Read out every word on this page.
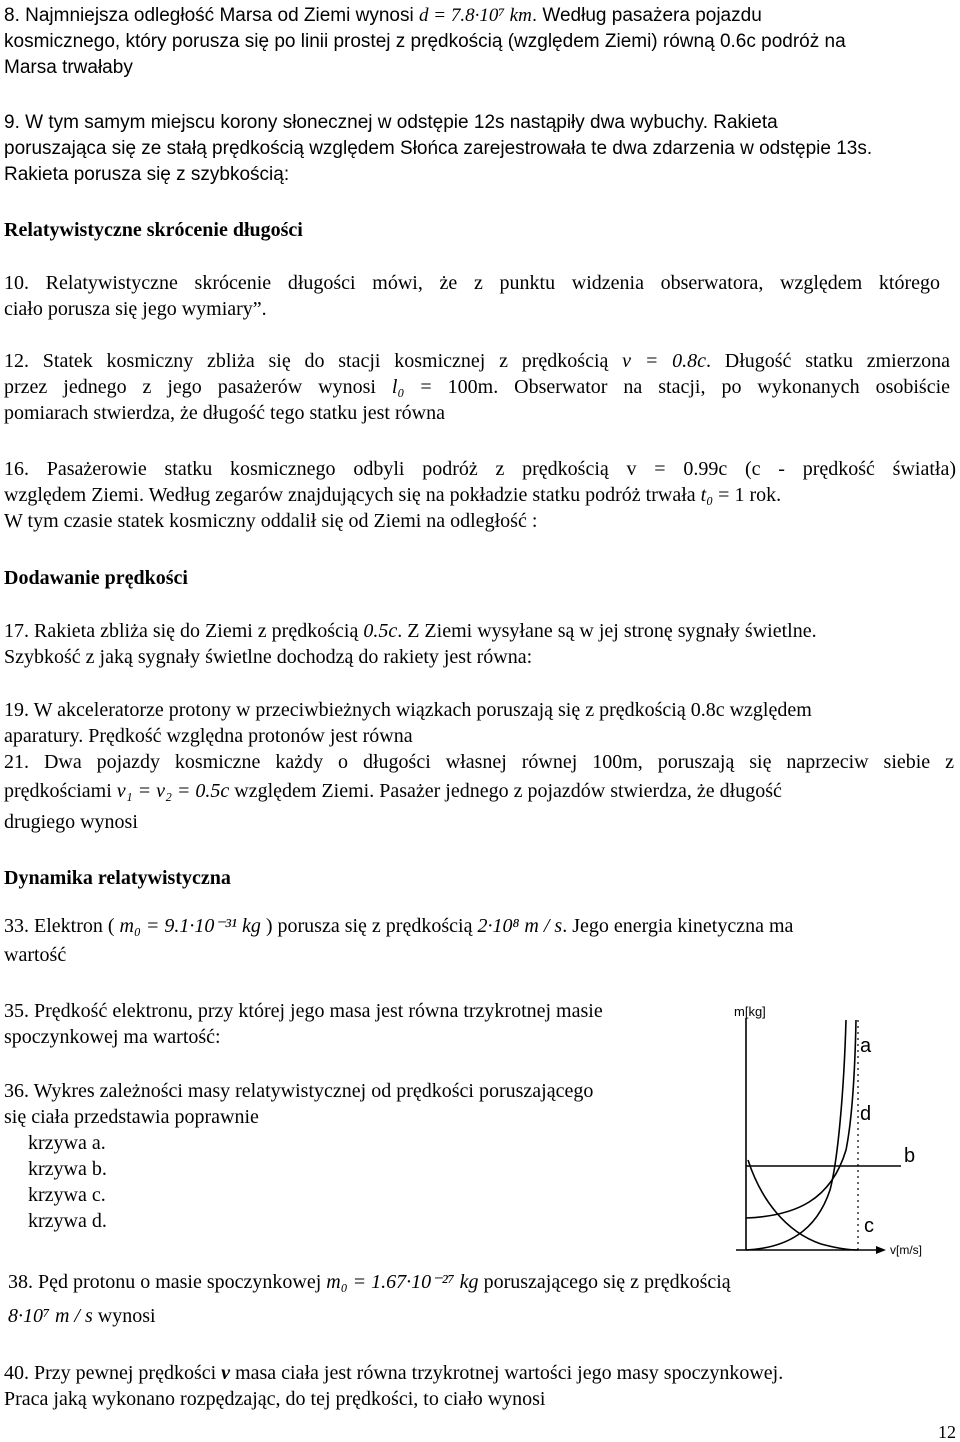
8. Najmniejsza odległość Marsa od Ziemi wynosi d = 7.8·10⁷ km. Według pasażera pojazdu
kosmicznego, który porusza się po linii prostej z prędkością (względem Ziemi) równą 0.6c podróż na
Marsa trwałaby
9. W tym samym miejscu korony słonecznej w odstępie 12s nastąpiły dwa wybuchy. Rakieta
poruszająca się ze stałą prędkością względem Słońca zarejestrowała te dwa zdarzenia w odstępie 13s.
Rakieta porusza się z szybkością:
Relatywistyczne skrócenie długości
10. Relatywistyczne skrócenie długości mówi, że z punktu widzenia obserwatora, względem którego
ciało porusza się jego wymiary”.
12. Statek kosmiczny zbliża się do stacji kosmicznej z prędkością v = 0.8c. Długość statku zmierzona
przez jednego z jego pasażerów wynosi l₀ = 100m. Obserwator na stacji, po wykonanych osobiście
pomiarach stwierdza, że długość tego statku jest równa
16. Pasażerowie statku kosmicznego odbyli podróż z prędkością v = 0.99c (c - prędkość światła)
względem Ziemi. Według zegarów znajdujących się na pokładzie statku podróż trwała t₀ = 1 rok.
W tym czasie statek kosmiczny oddalił się od Ziemi na odległość :
Dodawanie prędkości
17. Rakieta zbliża się do Ziemi z prędkością 0.5c. Z Ziemi wysyłane są w jej stronę sygnały świetlne.
Szybkość z jaką sygnały świetlne dochodzą do rakiety jest równa:
19. W akceleratorze protony w przeciwbieżnych wiązkach poruszają się z prędkością 0.8c względem
aparatury. Prędkość względna protonów jest równa
21. Dwa pojazdy kosmiczne każdy o długości własnej równej 100m, poruszają się naprzeciw siebie z
prędkościami v₁ = v₂ = 0.5c względem Ziemi. Pasażer jednego z pojazdów stwierdza, że długość
drugiego wynosi
Dynamika relatywistyczna
33. Elektron ( m₀ = 9.1·10⁻³¹ kg ) porusza się z prędkością 2·10⁸ m / s. Jego energia kinetyczna ma
wartość
35. Prędkość elektronu, przy której jego masa jest równa trzykrotnej masie
spoczynkowej ma wartość:
36. Wykres zależności masy relatywistycznej od prędkości poruszającego
się ciała przedstawia poprawnie
krzywa a.
krzywa b.
krzywa c.
krzywa d.
m[kg]
v[m/s]
a
b
c
d
38. Pęd protonu o masie spoczynkowej m₀ = 1.67·10⁻²⁷ kg poruszającego się z prędkością
8·10⁷ m / s wynosi
40. Przy pewnej prędkości v masa ciała jest równa trzykrotnej wartości jego masy spoczynkowej.
Praca jaką wykonano rozpędzając, do tej prędkości, to ciało wynosi
12
